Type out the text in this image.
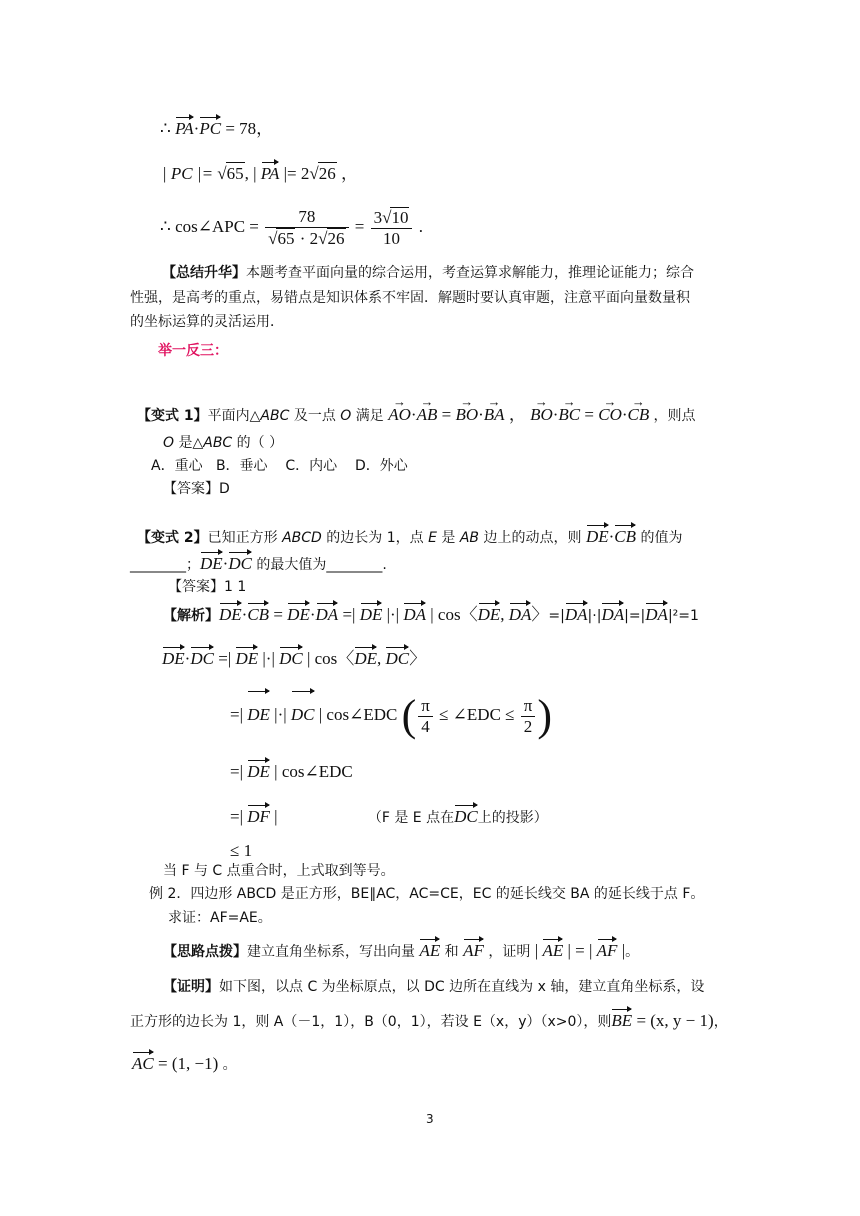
∴ PA·PC = 78，
| PC |= √65, | PA |= 2√26 ，
∴ cos∠APC = $\frac{78}{√65 \cdot 2√26} = \frac{3√10}{10}$ .
【总结升华】本题考查平面向量的综合运用，考查运算求解能力，推理论证能力；综合
性强，是高考的重点，易错点是知识体系不牢固．解题时要认真审题，注意平面向量数量积
的坐标运算的灵活运用．
举一反三：
【变式 1】平面内△ABC 及一点 O 满足 → AO·→ AB = → BO·→ BA ， → BO·→ BC = → CO·→ CB ，则点
O 是△ABC 的（ ）
A．重心 B．垂心 C．内心 D．外心
【答案】D
【变式 2】已知正方形 ABCD 的边长为 1，点 E 是 AB 边上的动点，则 DE·CB 的值为
________；DE·DC 的最大值为________.
【答案】1 1
【解析】DE·CB = DE·DA =| DE |·| DA | cos〈DE, DA〉=|DA|·|DA|=|DA|²=1
DE·DC =| DE |·| DC | cos〈DE, DC〉
=| DE |·| DC | cos∠EDC ( $\frac{\pi}{4}$ ≤ ∠EDC ≤ $\frac{\pi}{2}$ )
=| DE | cos∠EDC
=| DF |	（F 是 E 点在DC上的投影）
≤ 1
当 F 与 C 点重合时，上式取到等号。
例 2．四边形 ABCD 是正方形，BE∥AC，AC=CE，EC 的延长线交 BA 的延长线于点 F。
求证：AF=AE。
【思路点拨】建立直角坐标系，写出向量 AE 和 AF ，证明 | AE | = | AF |。
【证明】如下图，以点 C 为坐标原点，以 DC 边所在直线为 x 轴，建立直角坐标系，设
正方形的边长为 1，则 A（－1，1），B（0，1），若设 E（x，y）（x>0），则BE = (x, y − 1)，
AC = (1, −1) 。
3
